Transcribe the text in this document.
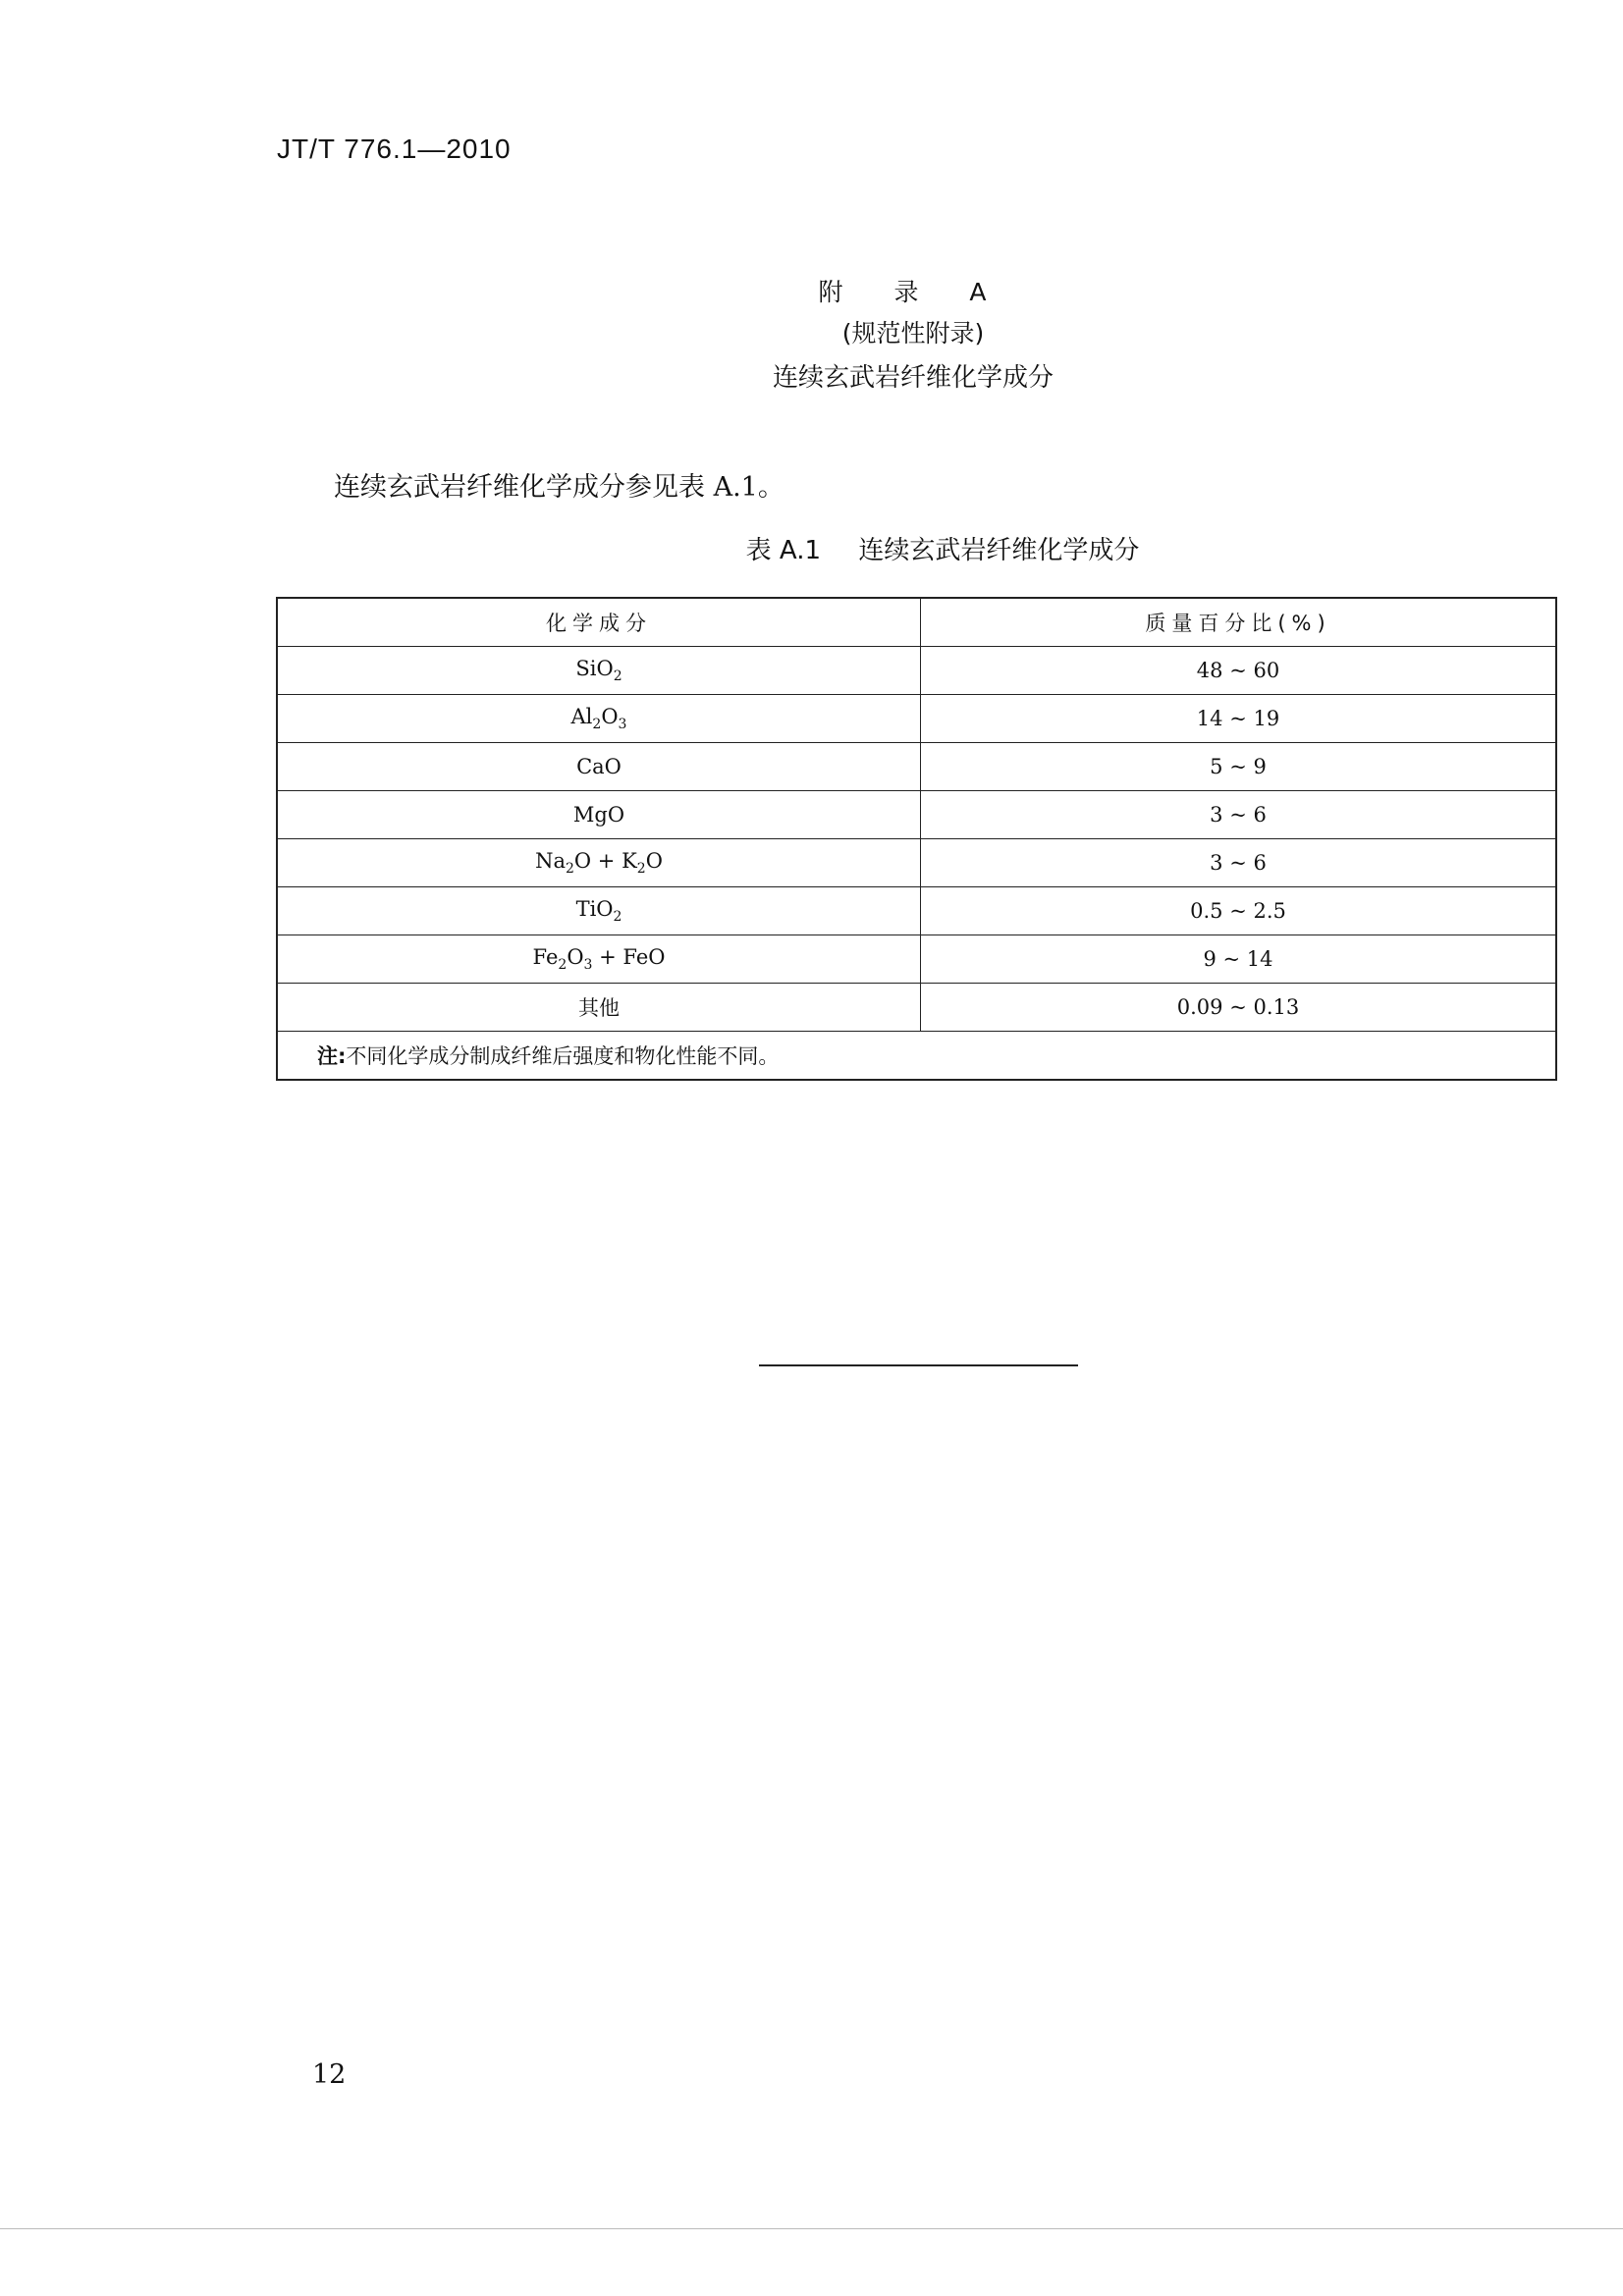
JT/T 776.1—2010
附 录 A
(规范性附录)
连续玄武岩纤维化学成分
连续玄武岩纤维化学成分参见表 A.1。
表 A.1 连续玄武岩纤维化学成分
化学成分	质量百分比(%)
SiO$_2$	48 ~ 60
$Al_2O_3$	14 ~ 19
CaO	5 ~ 9
MgO	3 ~ 6
$Na_2O + K_2O$	3 ~ 6
TiO$_2$	0.5 ~ 2.5
$Fe_2O_3$ + FeO	9 ~ 14
其他	0.09 ~ 0.13
注:不同化学成分制成纤维后强度和物化性能不同。	
12
